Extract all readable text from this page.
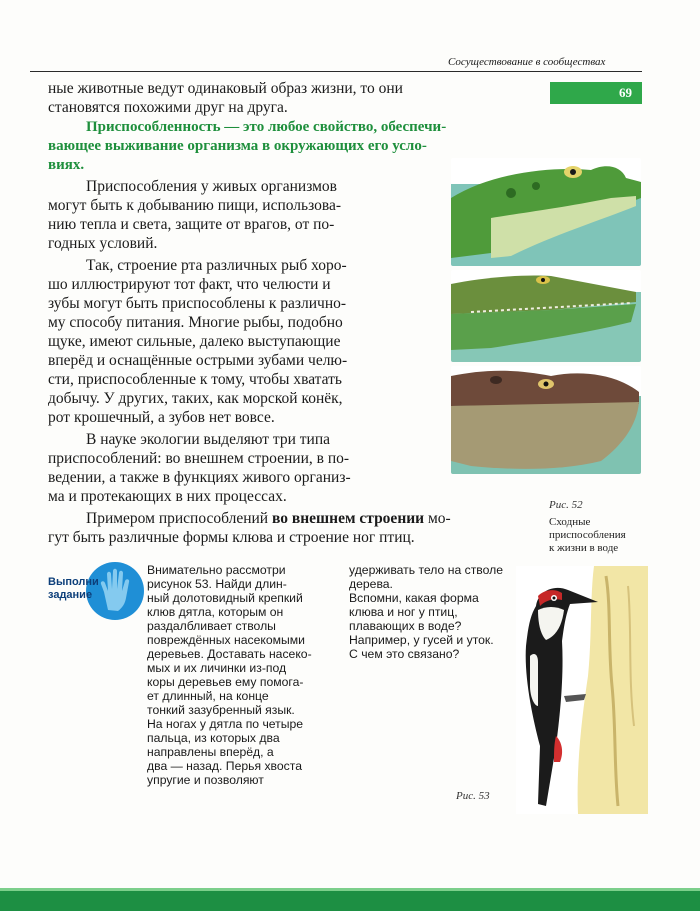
Сосуществование в сообществах
69
ные животные ведут одинаковый образ жизни, то они
становятся похожими друг на друга.
Приспособленность — это любое свойство, обеспечи-
вающее выживание организма в окружающих его усло-
виях.
Приспособления у живых организмов
могут быть к добыванию пищи, использова-
нию тепла и света, защите от врагов, от по-
годных условий.
Так, строение рта различных рыб хоро-
шо иллюстрируют тот факт, что челюсти и
зубы могут быть приспособлены к различно-
му способу питания. Многие рыбы, подобно
щуке, имеют сильные, далеко выступающие
вперёд и оснащённые острыми зубами челю-
сти, приспособленные к тому, чтобы хватать
добычу. У других, таких, как морской конёк,
рот крошечный, а зубов нет вовсе.
В науке экологии выделяют три типа
приспособлений: во внешнем строении, в по-
ведении, а также в функциях живого организ-
ма и протекающих в них процессах.
Примером приспособлений во внешнем строении мо-
гут быть различные формы клюва и строение ног птиц.
Рис. 52
Сходные
приспособления
к жизни в воде
Выполни
задание
Внимательно рассмотри
рисунок 53. Найди длин-
ный долотовидный крепкий
клюв дятла, которым он
раздалбливает стволы
повреждённых насекомыми
деревьев. Доставать насеко-
мых и их личинки из-под
коры деревьев ему помога-
ет длинный, на конце
тонкий зазубренный язык.
На ногах у дятла по четыре
пальца, из которых два
направлены вперёд, а
два — назад. Перья хвоста
упругие и позволяют
удерживать тело на стволе
дерева.
Вспомни, какая форма
клюва и ног у птиц,
плавающих в воде?
Например, у гусей и уток.
С чем это связано?
Рис. 53
